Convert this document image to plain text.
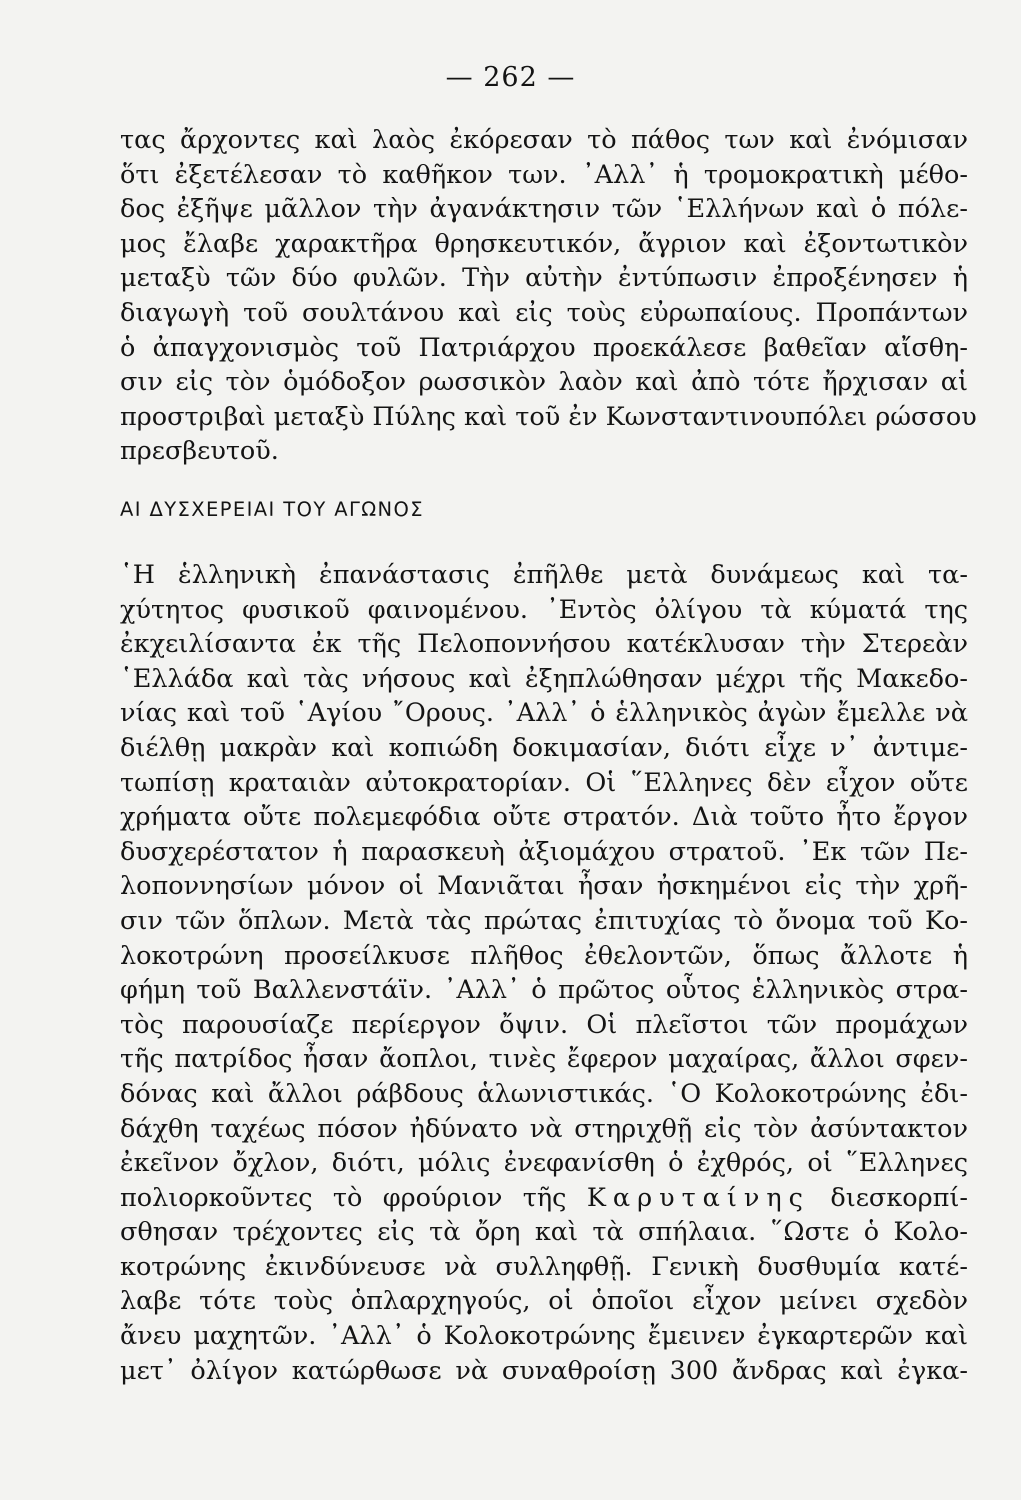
— 262 —
τας ἄρχοντες καὶ λαὸς ἐκόρεσαν τὸ πάθος των καὶ ἐνόμισαν
ὅτι ἐξετέλεσαν τὸ καθῆκον των. ᾽Αλλ᾽ ἡ τρομοκρατικὴ μέθο-
δος ἐξῆψε μᾶλλον τὴν ἀγανάκτησιν τῶν ῾Ελλήνων καὶ ὁ πόλε-
μος ἔλαβε χαρακτῆρα θρησκευτικόν, ἄγριον καὶ ἐξοντωτικὸν
μεταξὺ τῶν δύο φυλῶν. Τὴν αὐτὴν ἐντύπωσιν ἐπροξένησεν ἡ
διαγωγὴ τοῦ σουλτάνου καὶ εἰς τοὺς εὐρωπαίους. Προπάντων
ὁ ἀπαγχονισμὸς τοῦ Πατριάρχου προεκάλεσε βαθεῖαν αἴσθη-
σιν εἰς τὸν ὁμόδοξον ρωσσικὸν λαὸν καὶ ἀπὸ τότε ἤρχισαν αἱ
προστριβαὶ μεταξὺ Πύλης καὶ τοῦ ἐν Κωνσταντινουπόλει ρώσσου
πρεσβευτοῦ.
ΑΙ ΔΥΣΧΕΡΕΙΑΙ ΤΟΥ ΑΓΩΝΟΣ
῾Η ἑλληνικὴ ἐπανάστασις ἐπῆλθε μετὰ δυνάμεως καὶ τα-
χύτητος φυσικοῦ φαινομένου. ᾽Εντὸς ὀλίγου τὰ κύματά της
ἐκχειλίσαντα ἐκ τῆς Πελοποννήσου κατέκλυσαν τὴν Στερεὰν
῾Ελλάδα καὶ τὰς νήσους καὶ ἐξηπλώθησαν μέχρι τῆς Μακεδο-
νίας καὶ τοῦ ῾Αγίου ῎Ορους. ᾽Αλλ᾽ ὁ ἑλληνικὸς ἀγὼν ἔμελλε νὰ
διέλθῃ μακρὰν καὶ κοπιώδη δοκιμασίαν, διότι εἶχε ν᾽ ἀντιμε-
τωπίσῃ κραταιὰν αὐτοκρατορίαν. Οἱ ῞Ελληνες δὲν εἶχον οὔτε
χρήματα οὔτε πολεμεφόδια οὔτε στρατόν. Διὰ τοῦτο ἦτο ἔργον
δυσχερέστατον ἡ παρασκευὴ ἀξιομάχου στρατοῦ. ᾽Εκ τῶν Πε-
λοποννησίων μόνον οἱ Μανιᾶται ἦσαν ἠσκημένοι εἰς τὴν χρῆ-
σιν τῶν ὅπλων. Μετὰ τὰς πρώτας ἐπιτυχίας τὸ ὄνομα τοῦ Κο-
λοκοτρώνη προσείλκυσε πλῆθος ἐθελοντῶν, ὅπως ἄλλοτε ἡ
φήμη τοῦ Βαλλενστάϊν. ᾽Αλλ᾽ ὁ πρῶτος οὗτος ἑλληνικὸς στρα-
τὸς παρουσίαζε περίεργον ὄψιν. Οἱ πλεῖστοι τῶν προμάχων
τῆς πατρίδος ἦσαν ἄοπλοι, τινὲς ἔφερον μαχαίρας, ἄλλοι σφεν-
δόνας καὶ ἄλλοι ράβδους ἁλωνιστικάς. ῾Ο Κολοκοτρώνης ἐδι-
δάχθη ταχέως πόσον ἠδύνατο νὰ στηριχθῇ εἰς τὸν ἀσύντακτον
ἐκεῖνον ὄχλον, διότι, μόλις ἐνεφανίσθη ὁ ἐχθρός, οἱ ῞Ελληνες
πολιορκοῦντες τὸ φρούριον τῆς Καρυταίνης διεσκορπί-
σθησαν τρέχοντες εἰς τὰ ὄρη καὶ τὰ σπήλαια. ῞Ωστε ὁ Κολο-
κοτρώνης ἐκινδύνευσε νὰ συλληφθῇ. Γενικὴ δυσθυμία κατέ-
λαβε τότε τοὺς ὁπλαρχηγούς, οἱ ὁποῖοι εἶχον μείνει σχεδὸν
ἄνευ μαχητῶν. ᾽Αλλ᾽ ὁ Κολοκοτρώνης ἔμεινεν ἐγκαρτερῶν καὶ
μετ᾽ ὀλίγον κατώρθωσε νὰ συναθροίσῃ 300 ἄνδρας καὶ ἐγκα-
